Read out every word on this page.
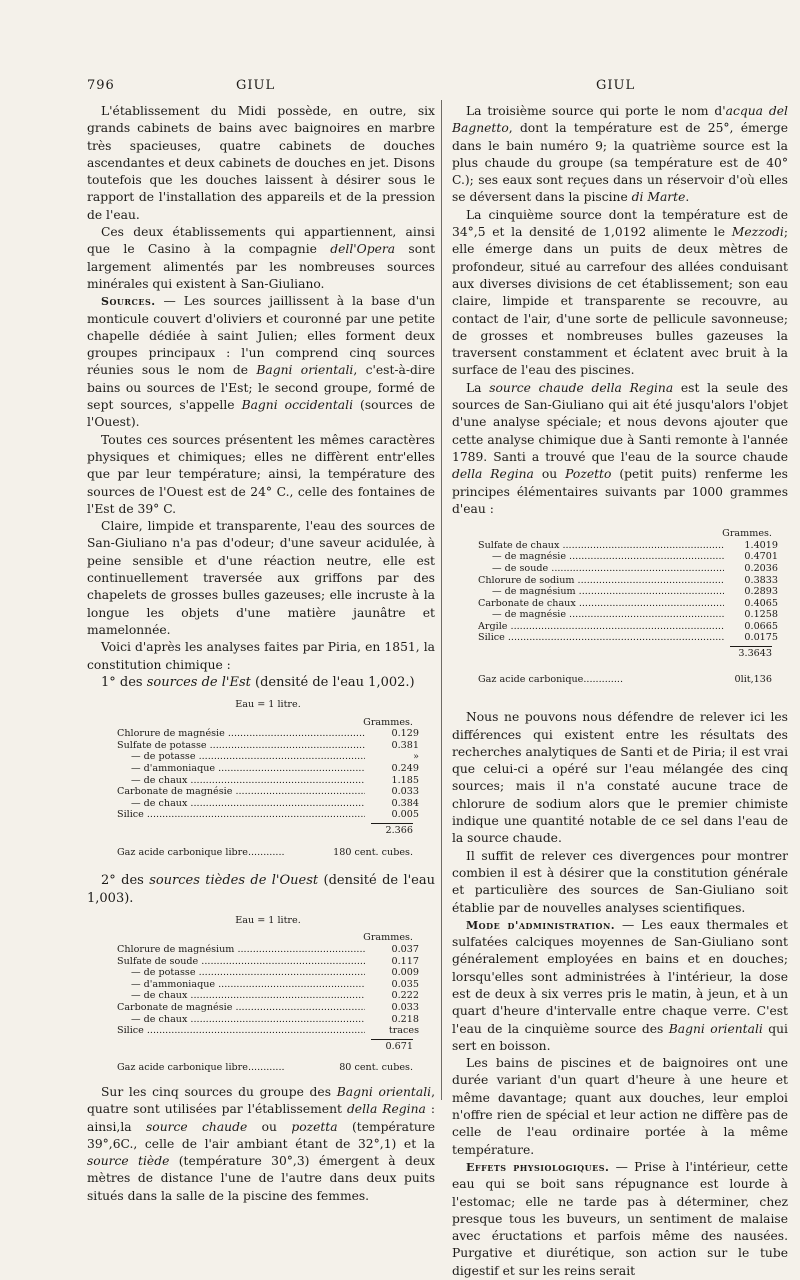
796	GIUL	GIUL

L'établissement du Midi possède, en outre, six grands cabinets de bains avec baignoires en marbre très spacieuses, quatre cabinets de douches ascendantes et deux cabinets de douches en jet. Disons toutefois que les douches laissent à désirer sous le rapport de l'installation des appareils et de la pression de l'eau.

Ces deux établissements qui appartiennent, ainsi que le Casino à la compagnie dell'Opera sont largement alimentés par les nombreuses sources minérales qui existent à San-Giuliano.

Sources. — Les sources jaillissent à la base d'un monticule couvert d'oliviers et couronné par une petite chapelle dédiée à saint Julien; elles forment deux groupes principaux : l'un comprend cinq sources réunies sous le nom de Bagni orientali, c'est-à-dire bains ou sources de l'Est; le second groupe, formé de sept sources, s'appelle Bagni occidentali (sources de l'Ouest).

Toutes ces sources présentent les mêmes caractères physiques et chimiques; elles ne diffèrent entr'elles que par leur température; ainsi, la température des sources de l'Ouest est de 24° C., celle des fontaines de l'Est de 39° C.

Claire, limpide et transparente, l'eau des sources de San-Giuliano n'a pas d'odeur; d'une saveur acidulée, à peine sensible et d'une réaction neutre, elle est continuellement traversée aux griffons par des chapelets de grosses bulles gazeuses; elle incruste à la longue les objets d'une matière jaunâtre et mamelonnée.

Voici d'après les analyses faites par Piria, en 1851, la constitution chimique :

1° des sources de l'Est (densité de l'eau 1,002.)

Eau = 1 litre.
Grammes.
Chlorure de magnésie .....	0.129
Sulfate de potasse .....	0.381
— de potasse .....	»
— d'ammoniaque .....	0.249
— de chaux .....	1.185
Carbonate de magnésie .....	0.033
— de chaux .....	0.384
Silice .....	0.005
2.366
Gaz acide carbonique libre............	180 cent. cubes.

2° des sources tièdes de l'Ouest (densité de l'eau 1,003).

Eau = 1 litre.
Grammes.
Chlorure de magnésium .....	0.037
Sulfate de soude .....	0.117
— de potasse .....	0.009
— d'ammoniaque .....	0.035
— de chaux .....	0.222
Carbonate de magnésie .....	0.033
— de chaux .....	0.218
Silice .....	traces
0.671
Gaz acide carbonique libre............	80 cent. cubes.

Sur les cinq sources du groupe des Bagni orientali, quatre sont utilisées par l'établissement della Regina : ainsi,la source chaude ou pozetta (température 39°,6C., celle de l'air ambiant étant de 32°,1) et la source tiède (température 30°,3) émergent à deux mètres de distance l'une de l'autre dans deux puits situés dans la salle de la piscine des femmes.

La troisième source qui porte le nom d'acqua del Bagnetto, dont la température est de 25°, émerge dans le bain numéro 9; la quatrième source est la plus chaude du groupe (sa température est de 40° C.); ses eaux sont reçues dans un réservoir d'où elles se déversent dans la piscine di Marte.

La cinquième source dont la température est de 34°,5 et la densité de 1,0192 alimente le Mezzodi; elle émerge dans un puits de deux mètres de profondeur, situé au carrefour des allées conduisant aux diverses divisions de cet établissement; son eau claire, limpide et transparente se recouvre, au contact de l'air, d'une sorte de pellicule savonneuse; de grosses et nombreuses bulles gazeuses la traversent constamment et éclatent avec bruit à la surface de l'eau des piscines.

La source chaude della Regina est la seule des sources de San-Giuliano qui ait été jusqu'alors l'objet d'une analyse spéciale; et nous devons ajouter que cette analyse chimique due à Santi remonte à l'année 1789. Santi a trouvé que l'eau de la source chaude della Regina ou Pozetto (petit puits) renferme les principes élémentaires suivants par 1000 grammes d'eau :

Grammes.
Sulfate de chaux .....	1.4019
— de magnésie .....	0.4701
— de soude .....	0.2036
Chlorure de sodium .....	0.3833
— de magnésium .....	0.2893
Carbonate de chaux .....	0.4065
— de magnésie .....	0.1258
Argile .....	0.0665
Silice .....	0.0175
3.3643
Gaz acide carbonique.............	0lit,136

Nous ne pouvons nous défendre de relever ici les différences qui existent entre les résultats des recherches analytiques de Santi et de Piria; il est vrai que celui-ci a opéré sur l'eau mélangée des cinq sources; mais il n'a constaté aucune trace de chlorure de sodium alors que le premier chimiste indique une quantité notable de ce sel dans l'eau de la source chaude.

Il suffit de relever ces divergences pour montrer combien il est à désirer que la constitution générale et particulière des sources de San-Giuliano soit établie par de nouvelles analyses scientifiques.

Mode d'administration. — Les eaux thermales et sulfatées calciques moyennes de San-Giuliano sont généralement employées en bains et en douches; lorsqu'elles sont administrées à l'intérieur, la dose est de deux à six verres pris le matin, à jeun, et à un quart d'heure d'intervalle entre chaque verre. C'est l'eau de la cinquième source des Bagni orientali qui sert en boisson.

Les bains de piscines et de baignoires ont une durée variant d'un quart d'heure à une heure et même davantage; quant aux douches, leur emploi n'offre rien de spécial et leur action ne diffère pas de celle de l'eau ordinaire portée à la même température.

Effets physiologiques. — Prise à l'intérieur, cette eau qui se boit sans répugnance est lourde à l'estomac; elle ne tarde pas à déterminer, chez presque tous les buveurs, un sentiment de malaise avec éructations et parfois même des nausées. Purgative et diurétique, son action sur le tube digestif et sur les reins serait
